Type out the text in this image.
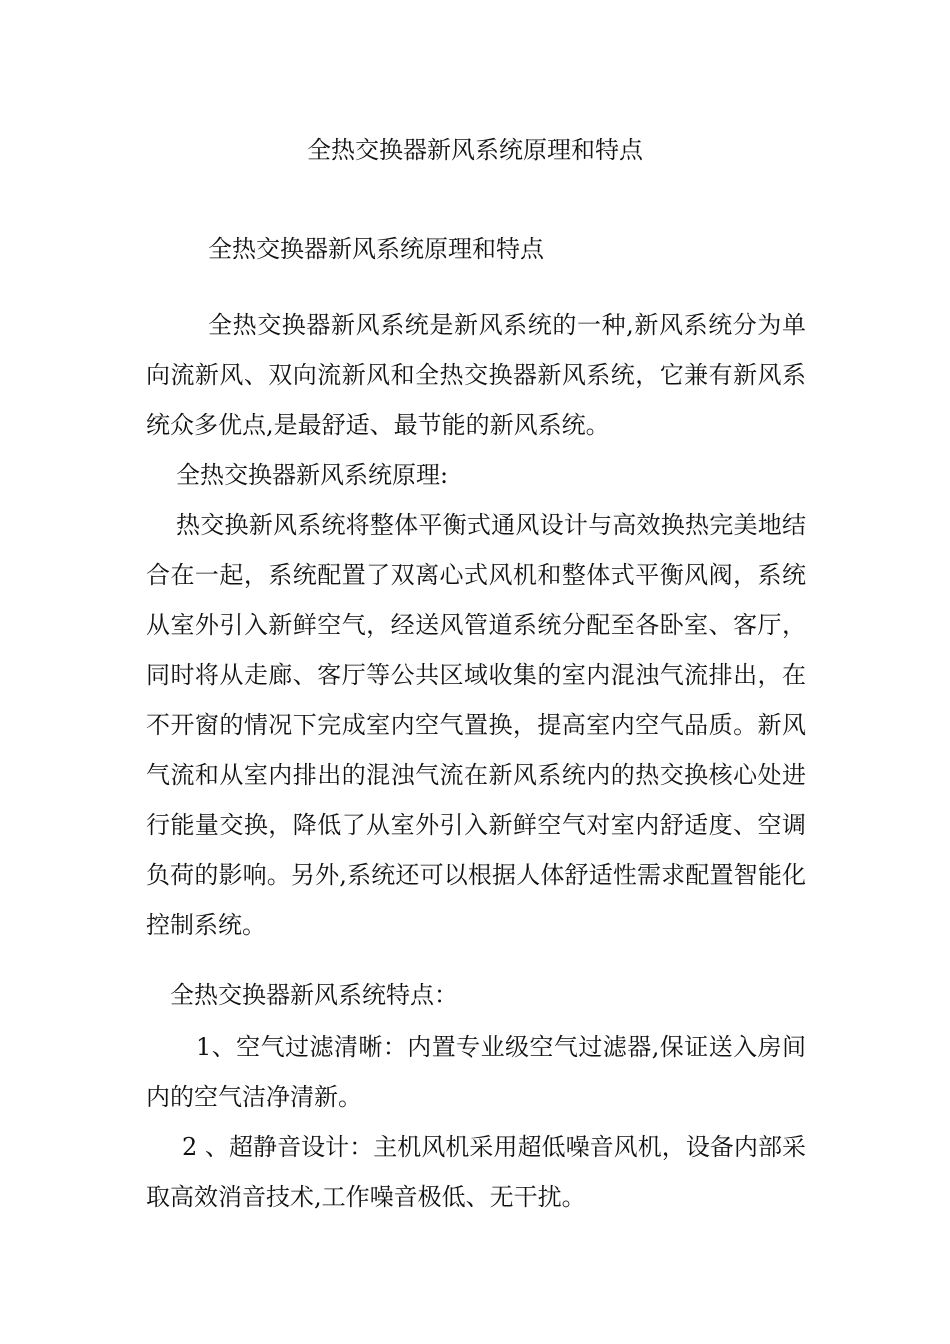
全热交换器新风系统原理和特点

全热交换器新风系统原理和特点

全热交换器新风系统是新风系统的一种,新风系统分为单向流新风、双向流新风和全热交换器新风系统，它兼有新风系统众多优点,是最舒适、最节能的新风系统。

全热交换器新风系统原理:

热交换新风系统将整体平衡式通风设计与高效换热完美地结合在一起，系统配置了双离心式风机和整体式平衡风阀，系统从室外引入新鲜空气，经送风管道系统分配至各卧室、客厅，同时将从走廊、客厅等公共区域收集的室内混浊气流排出，在不开窗的情况下完成室内空气置换，提高室内空气品质。新风气流和从室内排出的混浊气流在新风系统内的热交换核心处进行能量交换，降低了从室外引入新鲜空气对室内舒适度、空调负荷的影响。另外,系统还可以根据人体舒适性需求配置智能化控制系统。

全热交换器新风系统特点：

1、空气过滤清晰：内置专业级空气过滤器,保证送入房间内的空气洁净清新。

2 、超静音设计：主机风机采用超低噪音风机，设备内部采取高效消音技术,工作噪音极低、无干扰。
